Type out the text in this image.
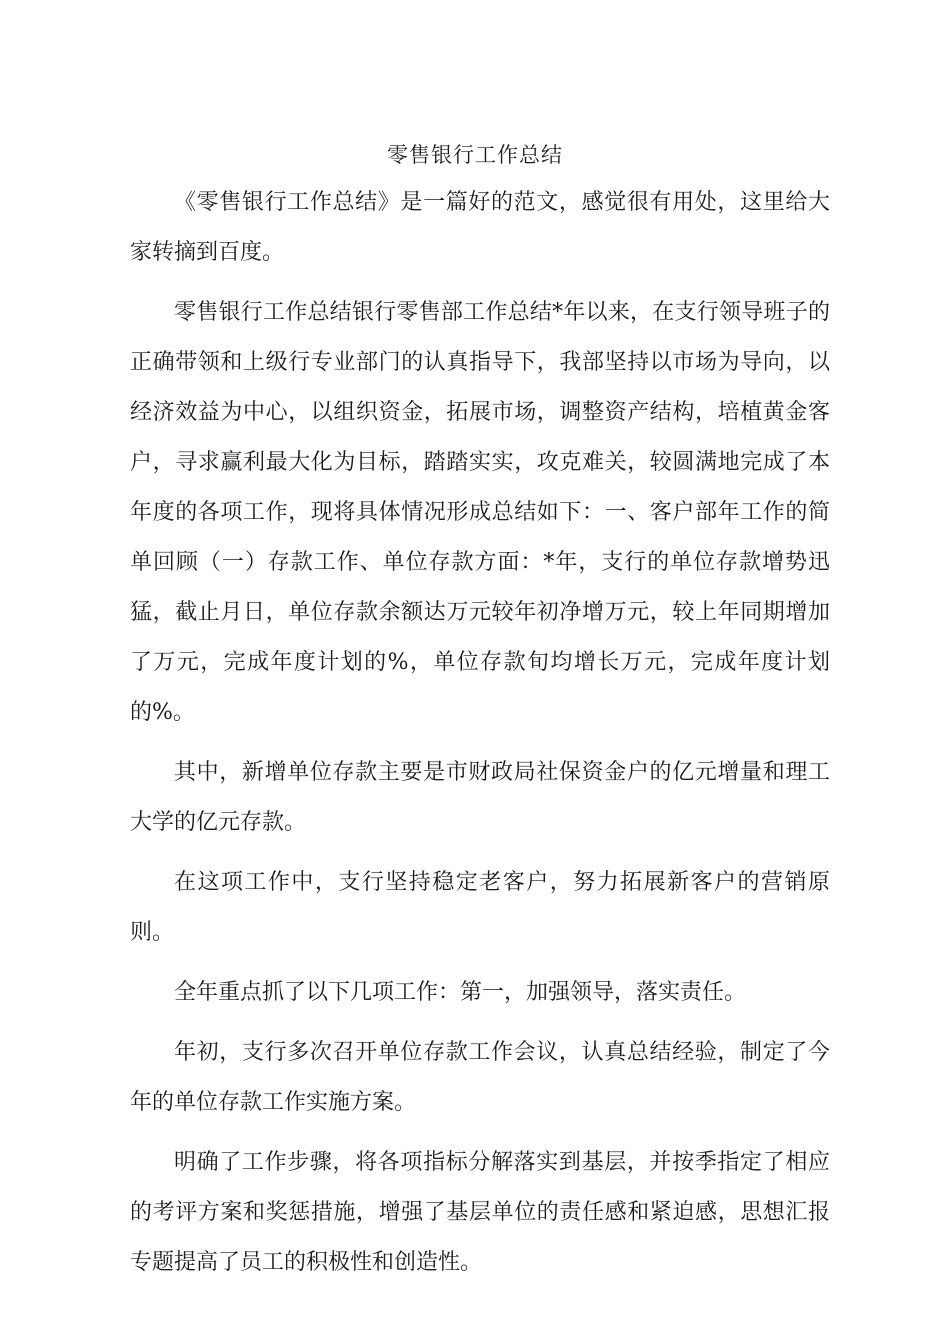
零售银行工作总结

《零售银行工作总结》是一篇好的范文，感觉很有用处，这里给大家转摘到百度。

零售银行工作总结银行零售部工作总结*年以来，在支行领导班子的正确带领和上级行专业部门的认真指导下，我部坚持以市场为导向，以经济效益为中心，以组织资金，拓展市场，调整资产结构，培植黄金客户，寻求赢利最大化为目标，踏踏实实，攻克难关，较圆满地完成了本年度的各项工作，现将具体情况形成总结如下：一、客户部年工作的简单回顾（一）存款工作、单位存款方面：*年，支行的单位存款增势迅猛，截止月日，单位存款余额达万元较年初净增万元，较上年同期增加了万元，完成年度计划的%，单位存款旬均增长万元，完成年度计划的%。

其中，新增单位存款主要是市财政局社保资金户的亿元增量和理工大学的亿元存款。

在这项工作中，支行坚持稳定老客户，努力拓展新客户的营销原则。

全年重点抓了以下几项工作：第一，加强领导，落实责任。

年初，支行多次召开单位存款工作会议，认真总结经验，制定了今年的单位存款工作实施方案。

明确了工作步骤，将各项指标分解落实到基层，并按季指定了相应的考评方案和奖惩措施，增强了基层单位的责任感和紧迫感，思想汇报专题提高了员工的积极性和创造性。
